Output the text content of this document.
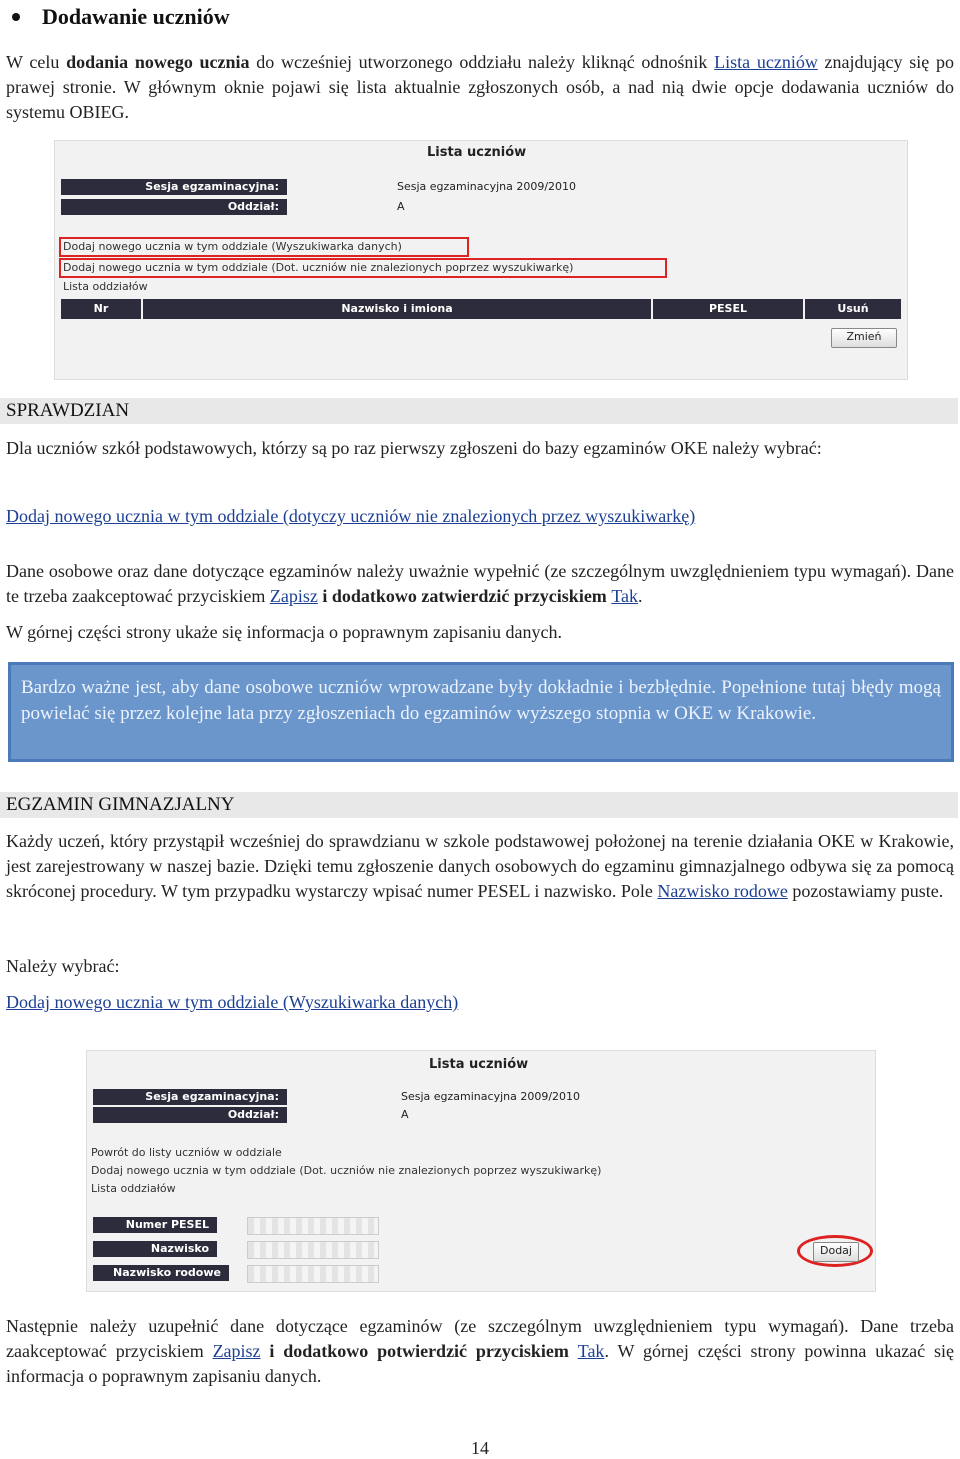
Dodawanie uczniów
W celu dodania nowego ucznia do wcześniej utworzonego oddziału należy kliknąć odnośnik Lista uczniów znajdujący się po prawej stronie. W głównym oknie pojawi się lista aktualnie zgłoszonych osób, a nad nią dwie opcje dodawania uczniów do systemu OBIEG.
Lista uczniów
Sesja egzaminacyjna:	Sesja egzaminacyjna 2009/2010
Oddział:	A
Dodaj nowego ucznia w tym oddziale (Wyszukiwarka danych)
Dodaj nowego ucznia w tym oddziale (Dot. uczniów nie znalezionych poprzez wyszukiwarkę)
Lista oddziałów
Nr	Nazwisko i imiona	PESEL	Usuń
Zmień
SPRAWDZIAN
Dla uczniów szkół podstawowych, którzy są po raz pierwszy zgłoszeni do bazy egzaminów OKE należy wybrać:
Dodaj nowego ucznia w tym oddziale (dotyczy uczniów nie znalezionych przez wyszukiwarkę)
Dane osobowe oraz dane dotyczące egzaminów należy uważnie wypełnić (ze szczególnym uwzględnieniem typu wymagań). Dane te trzeba zaakceptować przyciskiem Zapisz i dodatkowo zatwierdzić przyciskiem Tak.
W górnej części strony ukaże się informacja o poprawnym zapisaniu danych.
Bardzo ważne jest, aby dane osobowe uczniów wprowadzane były dokładnie i bezbłędnie. Popełnione tutaj błędy mogą powielać się przez kolejne lata przy zgłoszeniach do egzaminów wyższego stopnia w OKE w Krakowie.
EGZAMIN GIMNAZJALNY
Każdy uczeń, który przystąpił wcześniej do sprawdzianu w szkole podstawowej położonej na terenie działania OKE w Krakowie, jest zarejestrowany w naszej bazie. Dzięki temu zgłoszenie danych osobowych do egzaminu gimnazjalnego odbywa się za pomocą skróconej procedury. W tym przypadku wystarczy wpisać numer PESEL i nazwisko. Pole Nazwisko rodowe pozostawiamy puste.
Należy wybrać:
Dodaj nowego ucznia w tym oddziale (Wyszukiwarka danych)
Lista uczniów
Sesja egzaminacyjna:	Sesja egzaminacyjna 2009/2010
Oddział:	A
Powrót do listy uczniów w oddziale
Dodaj nowego ucznia w tym oddziale (Dot. uczniów nie znalezionych poprzez wyszukiwarkę)
Lista oddziałów
Numer PESEL
Nazwisko
Nazwisko rodowe
Dodaj
Następnie należy uzupełnić dane dotyczące egzaminów (ze szczególnym uwzględnieniem typu wymagań). Dane trzeba zaakceptować przyciskiem Zapisz i dodatkowo potwierdzić przyciskiem Tak. W górnej części strony powinna ukazać się informacja o poprawnym zapisaniu danych.
14
